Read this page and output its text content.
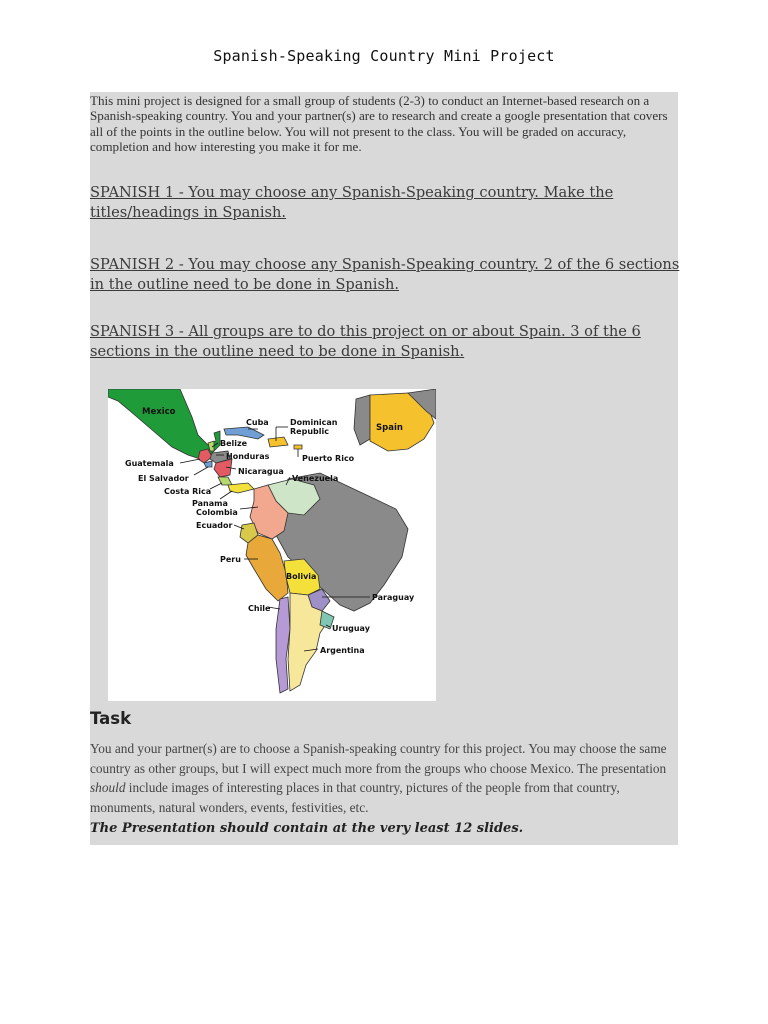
Spanish-Speaking Country Mini Project
This mini project is designed for a small group of students (2-3) to conduct an Internet-based research on a Spanish-speaking country. You and your partner(s) are to research and create a google presentation that covers all of the points in the outline below. You will not present to the class. You will be graded on accuracy, completion and how interesting you make it for me.
SPANISH 1 - You may choose any Spanish-Speaking country. Make the titles/headings in Spanish.
SPANISH 2 - You may choose any Spanish-Speaking country. 2 of the 6 sections in the outline need to be done in Spanish.
SPANISH 3 - All groups are to do this project on or about Spain. 3 of the 6 sections in the outline need to be done in Spanish.
Mexico
Cuba	Dominican
Republic	Spain
Belize
Honduras	Puerto Rico
Guatemala
Nicaragua
El Salvador	Venezuela
Costa Rica
Panama
Colombia
Ecuador
Peru
Bolivia
Paraguay
Chile
Uruguay
Argentina
Task
You and your partner(s) are to choose a Spanish-speaking country for this project. You may choose the same country as other groups, but I will expect much more from the groups who choose Mexico. The presentation should include images of interesting places in that country, pictures of the people from that country, monuments, natural wonders, events, festivities, etc.
The Presentation should contain at the very least 12 slides.
